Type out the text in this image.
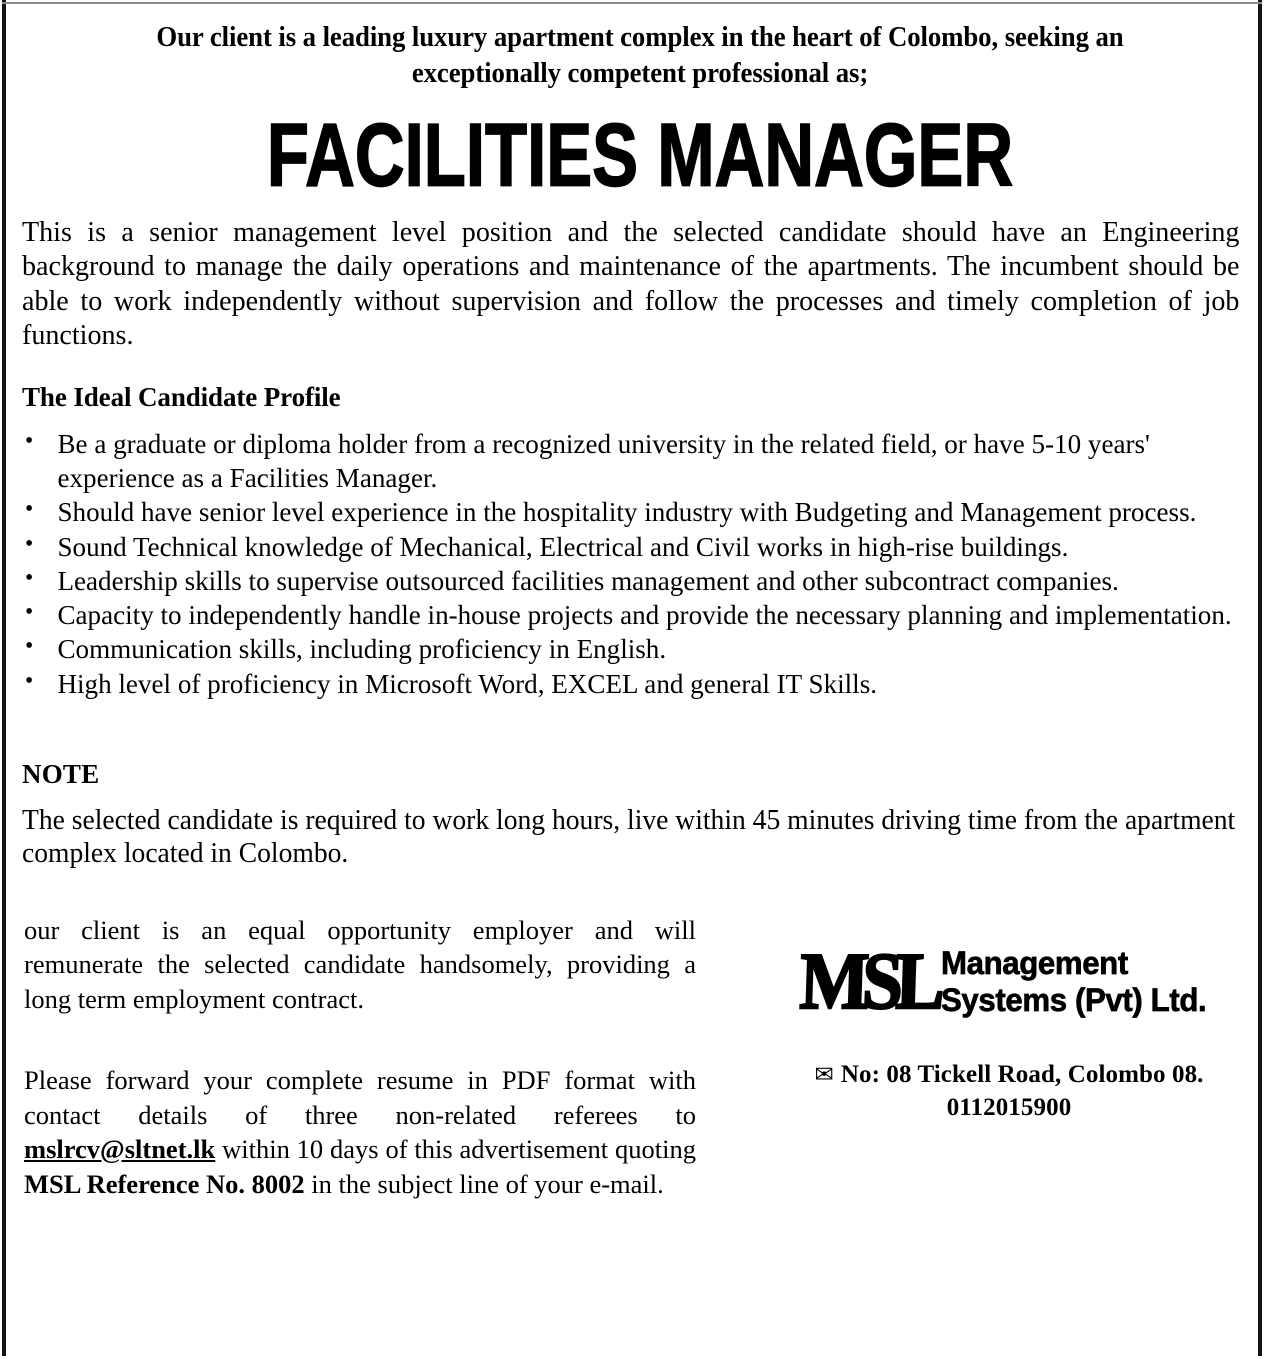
Our client is a leading luxury apartment complex in the heart of Colombo, seeking an
exceptionally competent professional as;
FACILITIES MANAGER
This is a senior management level position and the selected candidate should have an Engineering background to manage the daily operations and maintenance of the apartments. The incumbent should be able to work independently without supervision and follow the processes and timely completion of job functions.
The Ideal Candidate Profile
• Be a graduate or diploma holder from a recognized university in the related field, or have 5-10 years' experience as a Facilities Manager.
• Should have senior level experience in the hospitality industry with Budgeting and Management process.
• Sound Technical knowledge of Mechanical, Electrical and Civil works in high-rise buildings.
• Leadership skills to supervise outsourced facilities management and other subcontract companies.
• Capacity to independently handle in-house projects and provide the necessary planning and implementation.
• Communication skills, including proficiency in English.
• High level of proficiency in Microsoft Word, EXCEL and general IT Skills.
NOTE
The selected candidate is required to work long hours, live within 45 minutes driving time from the apartment complex located in Colombo.
our client is an equal opportunity employer and will remunerate the selected candidate handsomely, providing a long term employment contract.
Please forward your complete resume in PDF format with contact details of three non-related referees to mslrcv@sltnet.lk within 10 days of this advertisement quoting MSL Reference No. 8002 in the subject line of your e-mail.
MSL Management
Systems (Pvt) Ltd.
✉ No: 08 Tickell Road, Colombo 08.
0112015900
